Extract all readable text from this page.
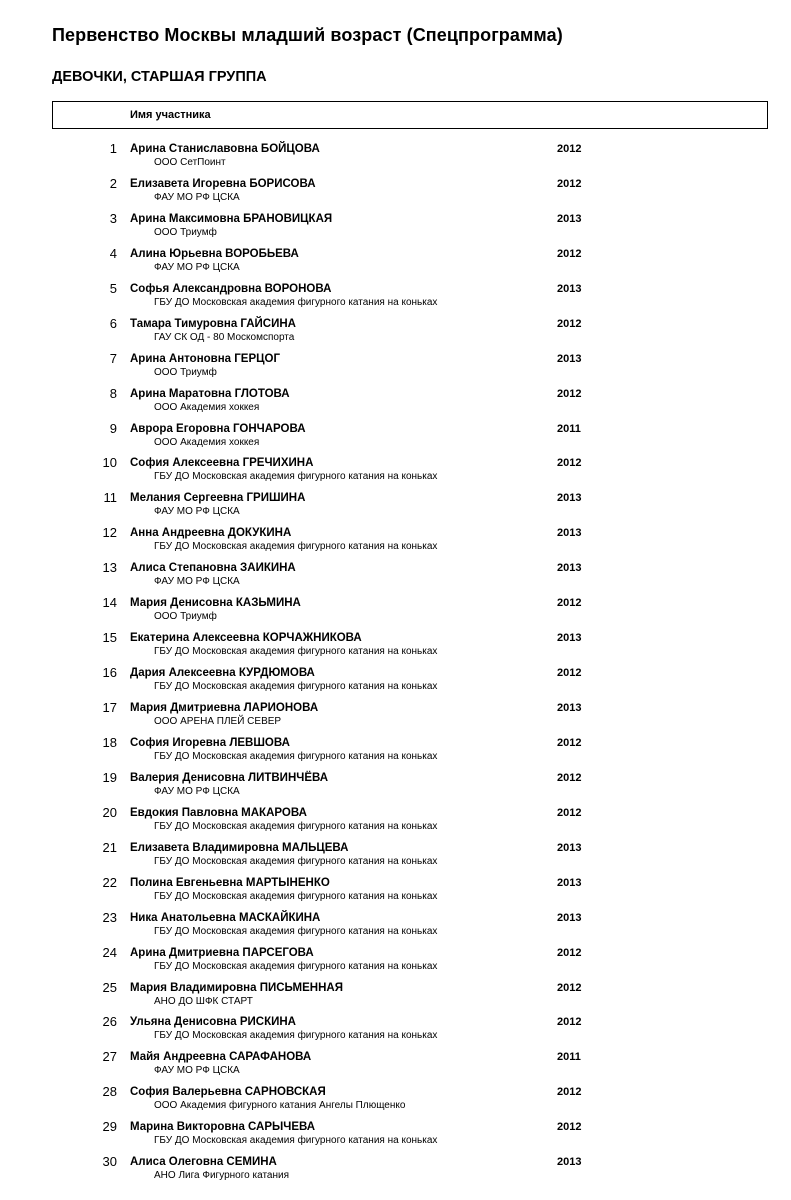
Первенство Москвы младший возраст (Спецпрограмма)
ДЕВОЧКИ, СТАРШАЯ ГРУППА
Имя участника
1 Арина Станиславовна БОЙЦОВА
ООО СетПоинт
2012
2 Елизавета Игоревна БОРИСОВА
ФАУ МО РФ ЦСКА
2012
3 Арина Максимовна БРАНОВИЦКАЯ
ООО Триумф
2013
4 Алина Юрьевна ВОРОБЬЕВА
ФАУ МО РФ ЦСКА
2012
5 Софья Александровна ВОРОНОВА
ГБУ ДО Московская академия фигурного катания на коньках
2013
6 Тамара Тимуровна ГАЙСИНА
ГАУ СК ОД - 80 Москомспорта
2012
7 Арина Антоновна ГЕРЦОГ
ООО Триумф
2013
8 Арина Маратовна ГЛОТОВА
ООО Академия хоккея
2012
9 Аврора Егоровна ГОНЧАРОВА
ООО Академия хоккея
2011
10 София Алексеевна ГРЕЧИХИНА
ГБУ ДО Московская академия фигурного катания на коньках
2012
11 Мелания Сергеевна ГРИШИНА
ФАУ МО РФ ЦСКА
2013
12 Анна Андреевна ДОКУКИНА
ГБУ ДО Московская академия фигурного катания на коньках
2013
13 Алиса Степановна ЗАИКИНА
ФАУ МО РФ ЦСКА
2013
14 Мария Денисовна КАЗЬМИНА
ООО Триумф
2012
15 Екатерина Алексеевна КОРЧАЖНИКОВА
ГБУ ДО Московская академия фигурного катания на коньках
2013
16 Дария Алексеевна КУРДЮМОВА
ГБУ ДО Московская академия фигурного катания на коньках
2012
17 Мария Дмитриевна ЛАРИОНОВА
ООО АРЕНА ПЛЕЙ СЕВЕР
2013
18 София Игоревна ЛЕВШОВА
ГБУ ДО Московская академия фигурного катания на коньках
2012
19 Валерия Денисовна ЛИТВИНЧЁВА
ФАУ МО РФ ЦСКА
2012
20 Евдокия Павловна МАКАРОВА
ГБУ ДО Московская академия фигурного катания на коньках
2012
21 Елизавета Владимировна МАЛЬЦЕВА
ГБУ ДО Московская академия фигурного катания на коньках
2013
22 Полина Евгеньевна МАРТЫНЕНКО
ГБУ ДО Московская академия фигурного катания на коньках
2013
23 Ника Анатольевна МАСКАЙКИНА
ГБУ ДО Московская академия фигурного катания на коньках
2013
24 Арина Дмитриевна ПАРСЕГОВА
ГБУ ДО Московская академия фигурного катания на коньках
2012
25 Мария Владимировна ПИСЬМЕННАЯ
АНО ДО ШФК СТАРТ
2012
26 Ульяна Денисовна РИСКИНА
ГБУ ДО Московская академия фигурного катания на коньках
2012
27 Майя Андреевна САРАФАНОВА
ФАУ МО РФ ЦСКА
2011
28 София Валерьевна САРНОВСКАЯ
ООО Академия фигурного катания Ангелы Плющенко
2012
29 Марина Викторовна САРЫЧЕВА
ГБУ ДО Московская академия фигурного катания на коньках
2012
30 Алиса Олеговна СЕМИНА
АНО Лига Фигурного катания
2013
